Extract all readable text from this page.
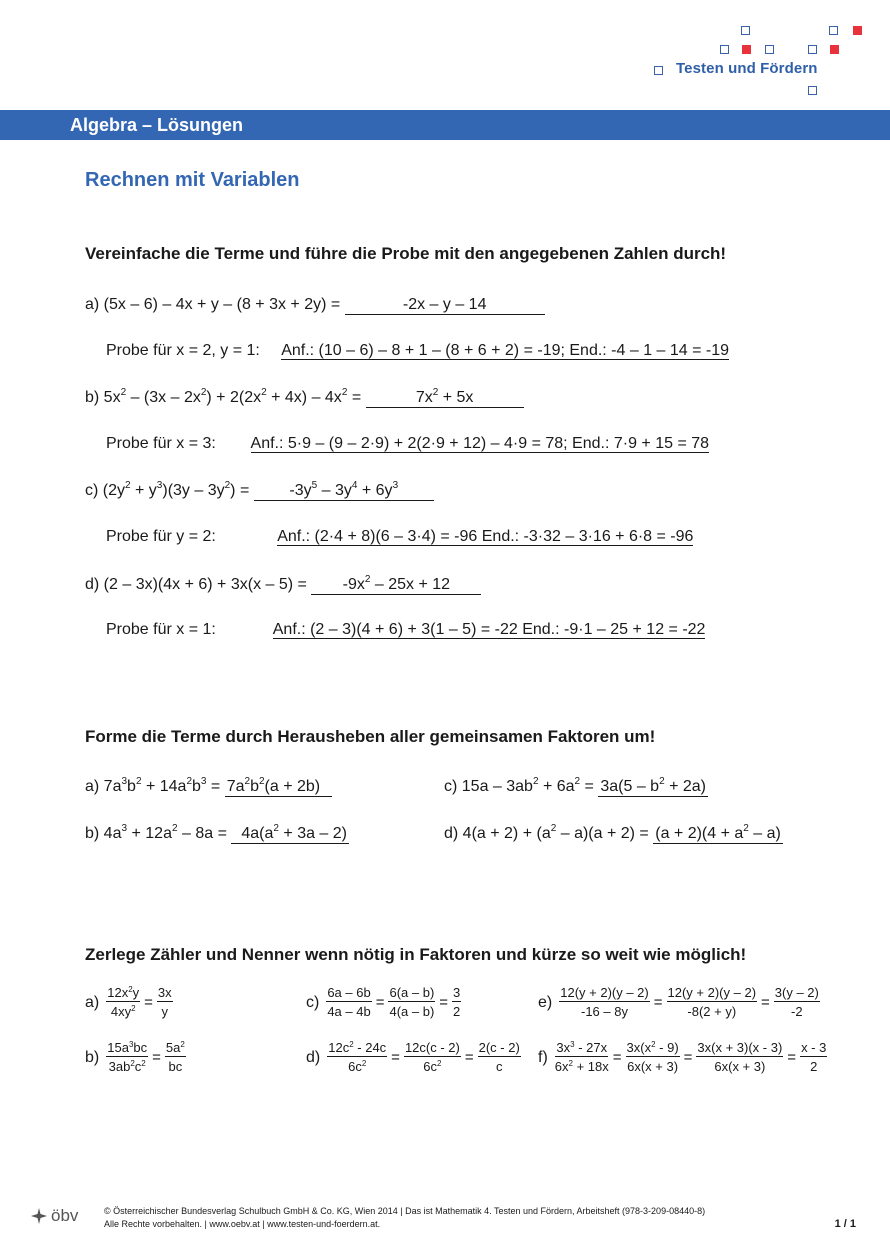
Testen und Fördern
Algebra – Lösungen
Rechnen mit Variablen
Vereinfache die Terme und führe die Probe mit den angegebenen Zahlen durch!
a) (5x – 6) – 4x + y – (8 + 3x + 2y) =	-2x – y – 14
Probe für x = 2, y = 1: Anf.: (10 – 6) – 8 + 1 – (8 + 6 + 2) = -19; End.: -4 – 1 – 14 = -19
b) $5x^2 - (3x - 2x^2) + 2(2x^2 + 4x) - 4x^2$ =	$7x^2 + 5x$
Probe für x = 3: Anf.: 5·9 – (9 – 2·9) + 2(2·9 + 12) – 4·9 = 78; End.: 7·9 + 15 = 78
c) $(2y^2 + y^3)(3y - 3y^2)$ =	$-3y^5 - 3y^4 + 6y^3$
Probe für y = 2:	Anf.: (2·4 + 8)(6 – 3·4) = -96 End.: -3·32 – 3·16 + 6·8 = -96
d) $(2 - 3x)(4x + 6) + 3x(x - 5) = -9x^2 - 25x + 12$
Probe für x = 1:	Anf.: (2 – 3)(4 + 6) + 3(1 – 5) = -22 End.: -9·1 – 25 + 12 = -22
Forme die Terme durch Herausheben aller gemeinsamen Faktoren um!
a) $7a^3b^2 + 14a^2b^3 = 7a^2b^2(a + 2b)$	c) $15a - 3ab^2 + 6a^2 = 3a(5 - b^2 + 2a)$
b) $4a^3 + 12a^2 - 8a = 4a(a^2 + 3a - 2)$	d) $4(a + 2) + (a^2 - a)(a + 2) = (a + 2)(4 + a^2 - a)$
Zerlege Zähler und Nenner wenn nötig in Faktoren und kürze so weit wie möglich!
$a) \frac{12x^2y}{4xy^2} = \frac{3x}{y}$
$b) \frac{15a^3bc}{3ab^2c^2} = \frac{5a^2}{bc}$
$c) \frac{6a - 6b}{4a - 4b} = \frac{6(a - b)}{4(a - b)} = \frac{3}{2}$
$d) \frac{12c^2 - 24c}{6c^2} = \frac{12c(c - 2)}{6c^2} = \frac{2(c - 2)}{c}$
$e) \frac{12(y + 2)(y - 2)}{-16 - 8y} = \frac{12(y + 2)(y - 2)}{-8(2 + y)} = \frac{3(y - 2)}{-2}$
$f) \frac{3x^3 - 27x}{6x^2 + 18x} = \frac{3x(x^2 - 9)}{6x(x + 3)} = \frac{3x(x + 3)(x - 3)}{6x(x + 3)} = \frac{x - 3}{2}$
öbv	© Österreichischer Bundesverlag Schulbuch GmbH & Co. KG, Wien 2014 | Das ist Mathematik 4. Testen und Fördern, Arbeitsheft (978-3-209-08440-8)
Alle Rechte vorbehalten. | www.oebv.at | www.testen-und-foerdern.at.	1 / 1
